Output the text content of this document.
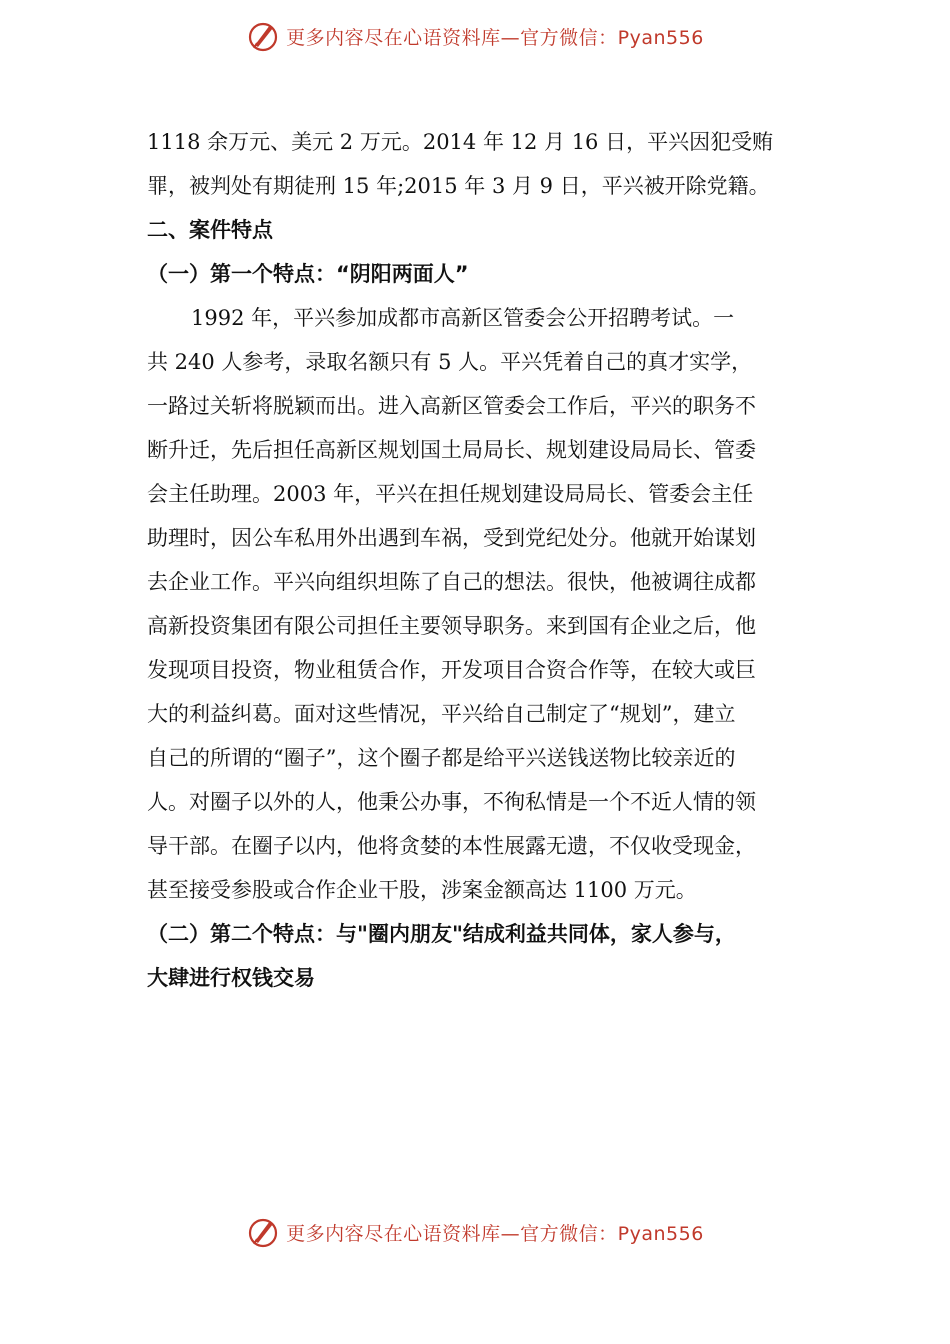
更多内容尽在心语资料库—官方微信：Pyan556
1118 余万元、美元 2 万元。2014 年 12 月 16 日，平兴因犯受贿
罪，被判处有期徒刑 15 年;2015 年 3 月 9 日，平兴被开除党籍。
二、案件特点
（一）第一个特点：“阴阳两面人”
1992 年，平兴参加成都市高新区管委会公开招聘考试。一
共 240 人参考，录取名额只有 5 人。平兴凭着自己的真才实学，
一路过关斩将脱颖而出。进入高新区管委会工作后，平兴的职务不
断升迁，先后担任高新区规划国土局局长、规划建设局局长、管委
会主任助理。2003 年，平兴在担任规划建设局局长、管委会主任
助理时，因公车私用外出遇到车祸，受到党纪处分。他就开始谋划
去企业工作。平兴向组织坦陈了自己的想法。很快，他被调往成都
高新投资集团有限公司担任主要领导职务。来到国有企业之后，他
发现项目投资，物业租赁合作，开发项目合资合作等，在较大或巨
大的利益纠葛。面对这些情况，平兴给自己制定了“规划”，建立
自己的所谓的“圈子”，这个圈子都是给平兴送钱送物比较亲近的
人。对圈子以外的人，他秉公办事，不徇私情是一个不近人情的领
导干部。在圈子以内，他将贪婪的本性展露无遗，不仅收受现金，
甚至接受参股或合作企业干股，涉案金额高达 1100 万元。
（二）第二个特点：与"圈内朋友"结成利益共同体，家人参与，
大肆进行权钱交易
更多内容尽在心语资料库—官方微信：Pyan556
